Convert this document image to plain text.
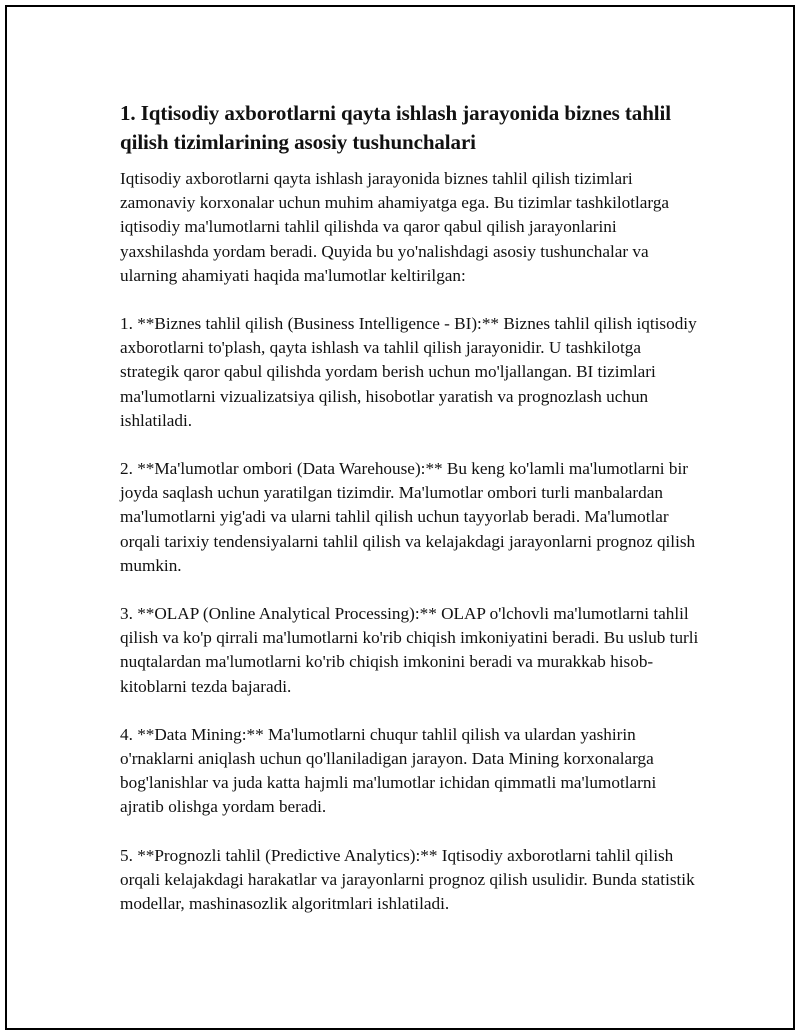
1. Iqtisodiy axborotlarni qayta ishlash jarayonida biznes tahlil qilish tizimlarining asosiy tushunchalari

Iqtisodiy axborotlarni qayta ishlash jarayonida biznes tahlil qilish tizimlari zamonaviy korxonalar uchun muhim ahamiyatga ega. Bu tizimlar tashkilotlarga iqtisodiy ma'lumotlarni tahlil qilishda va qaror qabul qilish jarayonlarini yaxshilashda yordam beradi. Quyida bu yo'nalishdagi asosiy tushunchalar va ularning ahamiyati haqida ma'lumotlar keltirilgan:

1. **Biznes tahlil qilish (Business Intelligence - BI):** Biznes tahlil qilish iqtisodiy axborotlarni to'plash, qayta ishlash va tahlil qilish jarayonidir. U tashkilotga strategik qaror qabul qilishda yordam berish uchun mo'ljallangan. BI tizimlari ma'lumotlarni vizualizatsiya qilish, hisobotlar yaratish va prognozlash uchun ishlatiladi.

2. **Ma'lumotlar ombori (Data Warehouse):** Bu keng ko'lamli ma'lumotlarni bir joyda saqlash uchun yaratilgan tizimdir. Ma'lumotlar ombori turli manbalardan ma'lumotlarni yig'adi va ularni tahlil qilish uchun tayyorlab beradi. Ma'lumotlar orqali tarixiy tendensiyalarni tahlil qilish va kelajakdagi jarayonlarni prognoz qilish mumkin.

3. **OLAP (Online Analytical Processing):** OLAP o'lchovli ma'lumotlarni tahlil qilish va ko'p qirrali ma'lumotlarni ko'rib chiqish imkoniyatini beradi. Bu uslub turli nuqtalardan ma'lumotlarni ko'rib chiqish imkonini beradi va murakkab hisob-kitoblarni tezda bajaradi.

4. **Data Mining:** Ma'lumotlarni chuqur tahlil qilish va ulardan yashirin o'rnaklarni aniqlash uchun qo'llaniladigan jarayon. Data Mining korxonalarga bog'lanishlar va juda katta hajmli ma'lumotlar ichidan qimmatli ma'lumotlarni ajratib olishga yordam beradi.

5. **Prognozli tahlil (Predictive Analytics):** Iqtisodiy axborotlarni tahlil qilish orqali kelajakdagi harakatlar va jarayonlarni prognoz qilish usulidir. Bunda statistik modellar, mashinasozlik algoritmlari ishlatiladi.
